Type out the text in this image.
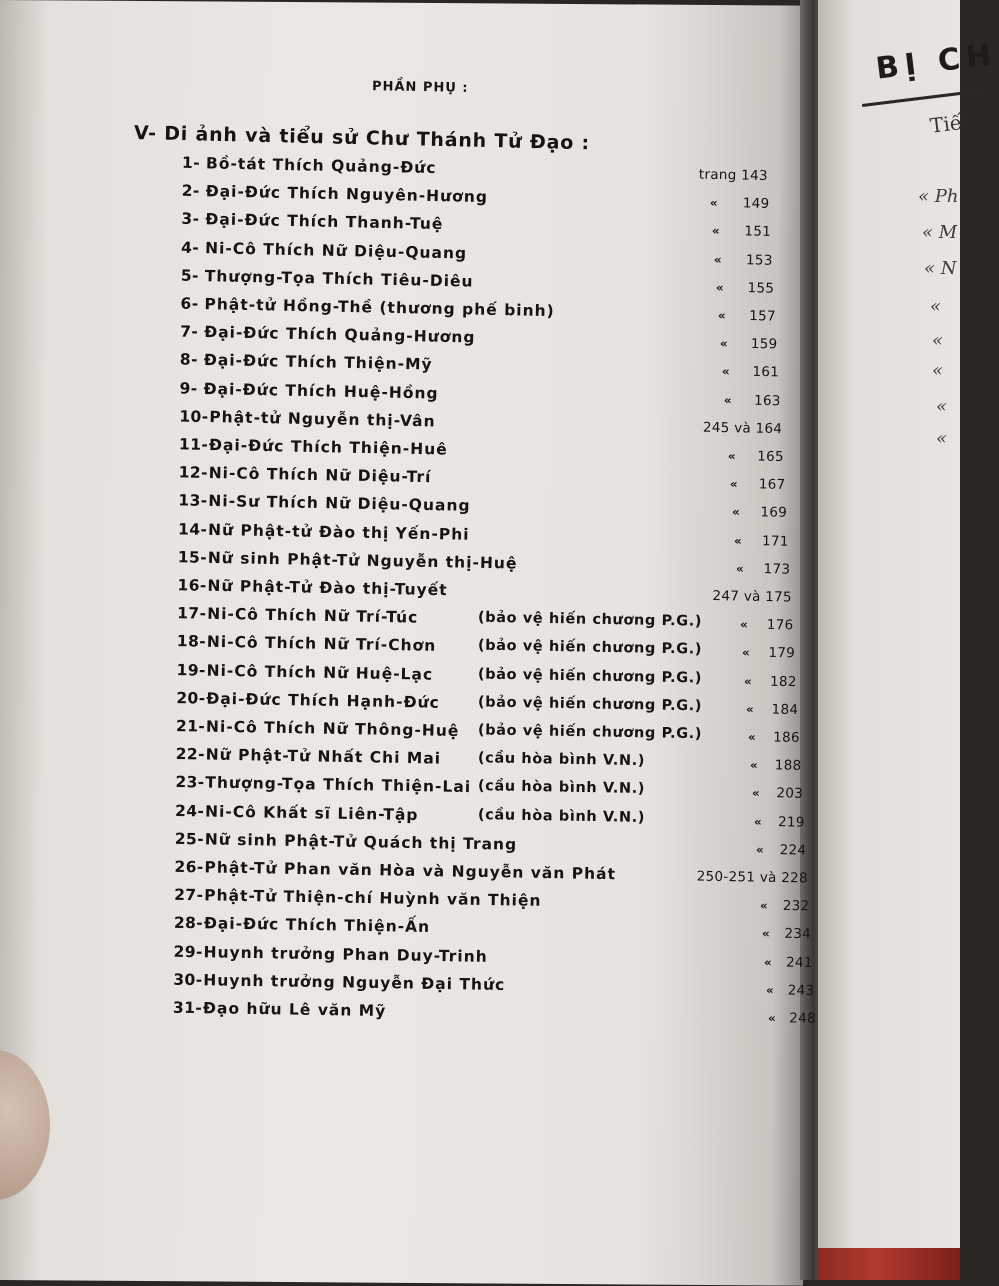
BỊ CH
Tiế
« Ph
« M
« N
«
«
«
«
«
PHẦN PHỤ :
V- Di ảnh và tiểu sử Chư Thánh Tử Đạo :
1- Bồ-tát Thích Quảng-Đức	trang 143
2- Đại-Đức Thích Nguyên-Hương	« 149
3- Đại-Đức Thích Thanh-Tuệ	« 151
4- Ni-Cô Thích Nữ Diệu-Quang	« 153
5- Thượng-Tọa Thích Tiêu-Diêu	« 155
6- Phật-tử Hồng-Thề (thương phế binh)	« 157
7- Đại-Đức Thích Quảng-Hương	« 159
8- Đại-Đức Thích Thiện-Mỹ	« 161
9- Đại-Đức Thích Huệ-Hồng	« 163
10- Phật-tử Nguyễn thị-Vân	245 và 164
11- Đại-Đức Thích Thiện-Huê	« 165
12- Ni-Cô Thích Nữ Diệu-Trí	« 167
13- Ni-Sư Thích Nữ Diệu-Quang	« 169
14- Nữ Phật-tử Đào thị Yến-Phi	« 171
15- Nữ sinh Phật-Tử Nguyễn thị-Huệ	« 173
16- Nữ Phật-Tử Đào thị-Tuyết	247 và 175
17- Ni-Cô Thích Nữ Trí-Túc	(bảo vệ hiến chương P.G.)	« 176
18- Ni-Cô Thích Nữ Trí-Chơn	(bảo vệ hiến chương P.G.)	« 179
19- Ni-Cô Thích Nữ Huệ-Lạc	(bảo vệ hiến chương P.G.)	« 182
20- Đại-Đức Thích Hạnh-Đức	(bảo vệ hiến chương P.G.)	« 184
21- Ni-Cô Thích Nữ Thông-Huệ (bảo vệ hiến chương P.G.)	« 186
22- Nữ Phật-Tử Nhất Chi Mai	(cầu hòa bình V.N.)	« 188
23- Thượng-Tọa Thích Thiện-Lai (cầu hòa bình V.N.)	« 203
24- Ni-Cô Khất sĩ Liên-Tập	(cầu hòa bình V.N.)	« 219
25- Nữ sinh Phật-Tử Quách thị Trang	« 224
26- Phật-Tử Phan văn Hòa và Nguyễn văn Phát	250-251 và 228
27- Phật-Tử Thiện-chí Huỳnh văn Thiện	« 232
28- Đại-Đức Thích Thiện-Ấn	« 234
29- Huynh trưởng Phan Duy-Trinh	« 241
30- Huynh trưởng Nguyễn Đại Thức	« 243
31- Đạo hữu Lê văn Mỹ	« 248
